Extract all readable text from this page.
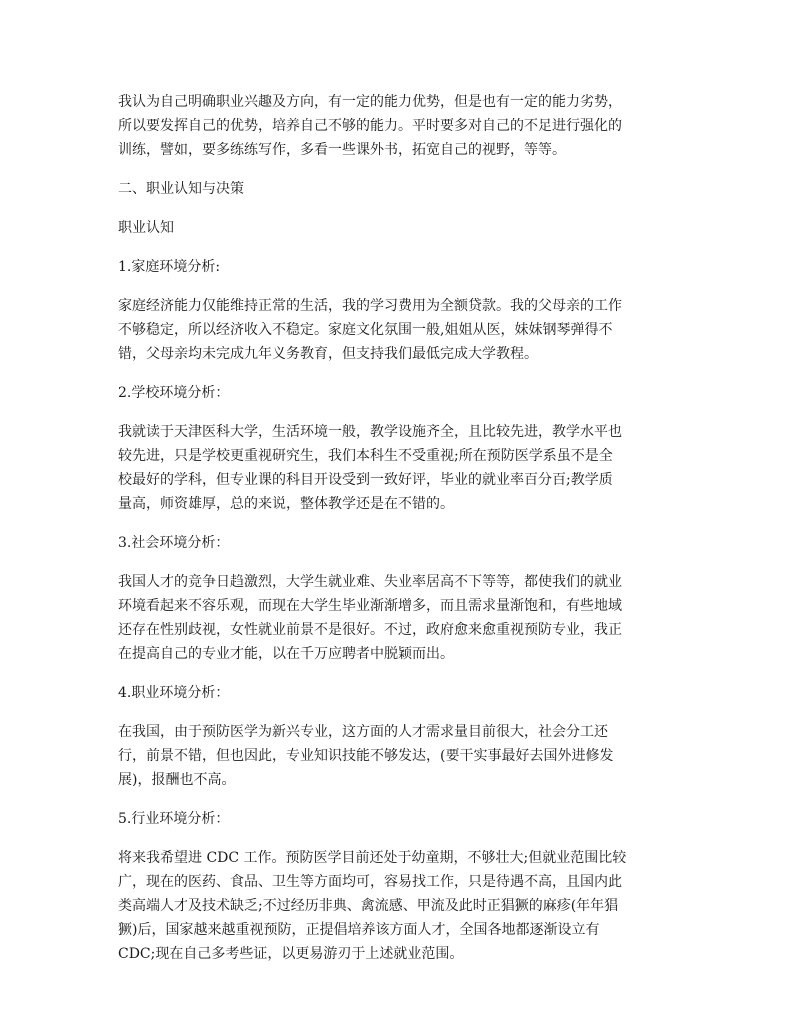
我认为自己明确职业兴趣及方向，有一定的能力优势，但是也有一定的能力劣势，
所以要发挥自己的优势，培养自己不够的能力。平时要多对自己的不足进行强化的
训练，譬如，要多练练写作，多看一些课外书，拓宽自己的视野，等等。

二、职业认知与决策

职业认知

1.家庭环境分析:

家庭经济能力仅能维持正常的生活，我的学习费用为全额贷款。我的父母亲的工作
不够稳定，所以经济收入不稳定。家庭文化氛围一般,姐姐从医，妹妹钢琴弹得不
错，父母亲均未完成九年义务教育，但支持我们最低完成大学教程。

2.学校环境分析：

我就读于天津医科大学，生活环境一般，教学设施齐全，且比较先进，教学水平也
较先进，只是学校更重视研究生，我们本科生不受重视;所在预防医学系虽不是全
校最好的学科，但专业课的科目开设受到一致好评，毕业的就业率百分百;教学质
量高，师资雄厚，总的来说，整体教学还是在不错的。

3.社会环境分析：

我国人才的竞争日趋激烈，大学生就业难、失业率居高不下等等，都使我们的就业
环境看起来不容乐观，而现在大学生毕业渐渐增多，而且需求量渐饱和，有些地域
还存在性别歧视，女性就业前景不是很好。不过，政府愈来愈重视预防专业，我正
在提高自己的专业才能，以在千万应聘者中脱颖而出。

4.职业环境分析：

在我国，由于预防医学为新兴专业，这方面的人才需求量目前很大，社会分工还
行，前景不错，但也因此，专业知识技能不够发达，(要干实事最好去国外进修发
展)，报酬也不高。

5.行业环境分析：

将来我希望进 CDC 工作。预防医学目前还处于幼童期，不够壮大;但就业范围比较
广，现在的医药、食品、卫生等方面均可，容易找工作，只是待遇不高，且国内此
类高端人才及技术缺乏;不过经历非典、禽流感、甲流及此时正猖獗的麻疹(年年猖
獗)后，国家越来越重视预防，正提倡培养该方面人才，全国各地都逐渐设立有
CDC;现在自己多考些证，以更易游刃于上述就业范围。
